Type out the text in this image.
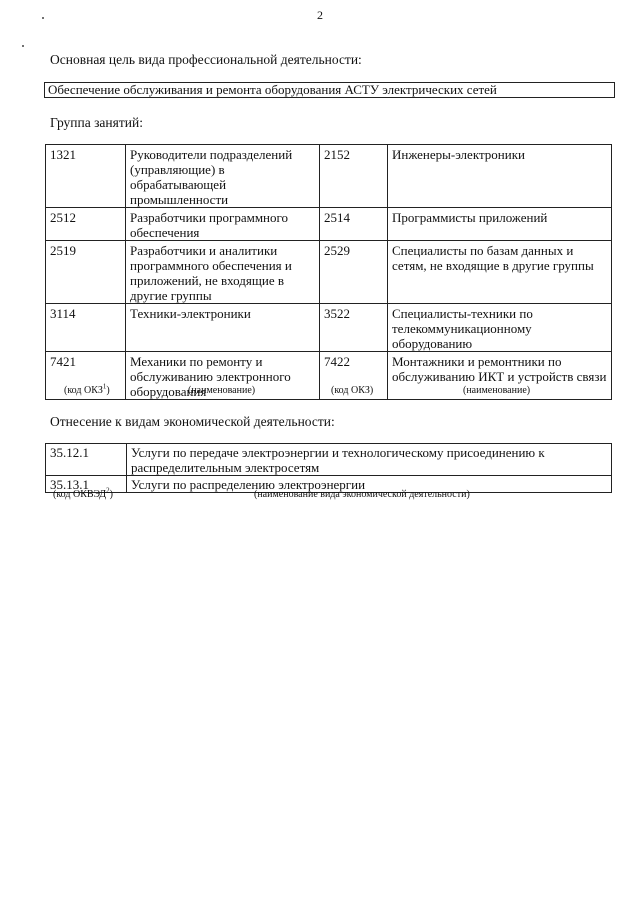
2
Основная цель вида профессиональной деятельности:
Обеспечение обслуживания и ремонта оборудования АСТУ электрических сетей
Группа занятий:
1321	Руководители подразделений (управляющие) в обрабатывающей промышленности	2152	Инженеры-электроники
2512	Разработчики программного обеспечения	2514	Программисты приложений
2519	Разработчики и аналитики программного обеспечения и приложений, не входящие в другие группы	2529	Специалисты по базам данных и сетям, не входящие в другие группы
3114	Техники-электроники	3522	Специалисты-техники по телекоммуникационному оборудованию
7421	Механики по ремонту и обслуживанию электронного оборудования	7422	Монтажники и ремонтники по обслуживанию ИКТ и устройств связи
(код ОКЗ$^1$)	(наименование)	(код ОКЗ)	(наименование)
Отнесение к видам экономической деятельности:
35.12.1	Услуги по передаче электроэнергии и технологическому присоединению к распределительным электросетям
35.13.1	Услуги по распределению электроэнергии
(код ОКВЭД$^2$)	(наименование вида экономической деятельности)
